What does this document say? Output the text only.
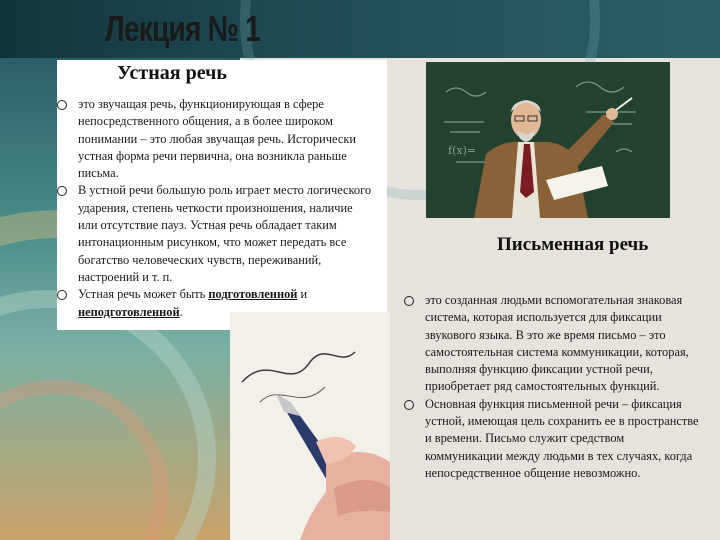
Лекция № 1
Устная речь
это звучащая речь, функционирующая в сфере непосредственного общения, а в более широком понимании – это любая звучащая речь. Исторически устная форма речи первична, она возникла раньше письма.
В устной речи большую роль играет место логического ударения, степень четкости произношения, наличие или отсутствие пауз. Устная речь обладает таким интонационным рисунком, что может передать все богатство человеческих чувств, переживаний, настроений и т. п.
Устная речь может быть подготовленной и неподготовленной.
f(x)=
Письменная речь
это созданная людьми вспомогательная знаковая система, которая используется для фиксации звукового языка. В это же время письмо – это самостоятельная система коммуникации, которая, выполняя функцию фиксации устной речи, приобретает ряд самостоятельных функций.
Основная функция письменной речи – фиксация устной, имеющая цель сохранить ее в пространстве и времени. Письмо служит средством коммуникации между людьми в тех случаях, когда непосредственное общение невозможно.
